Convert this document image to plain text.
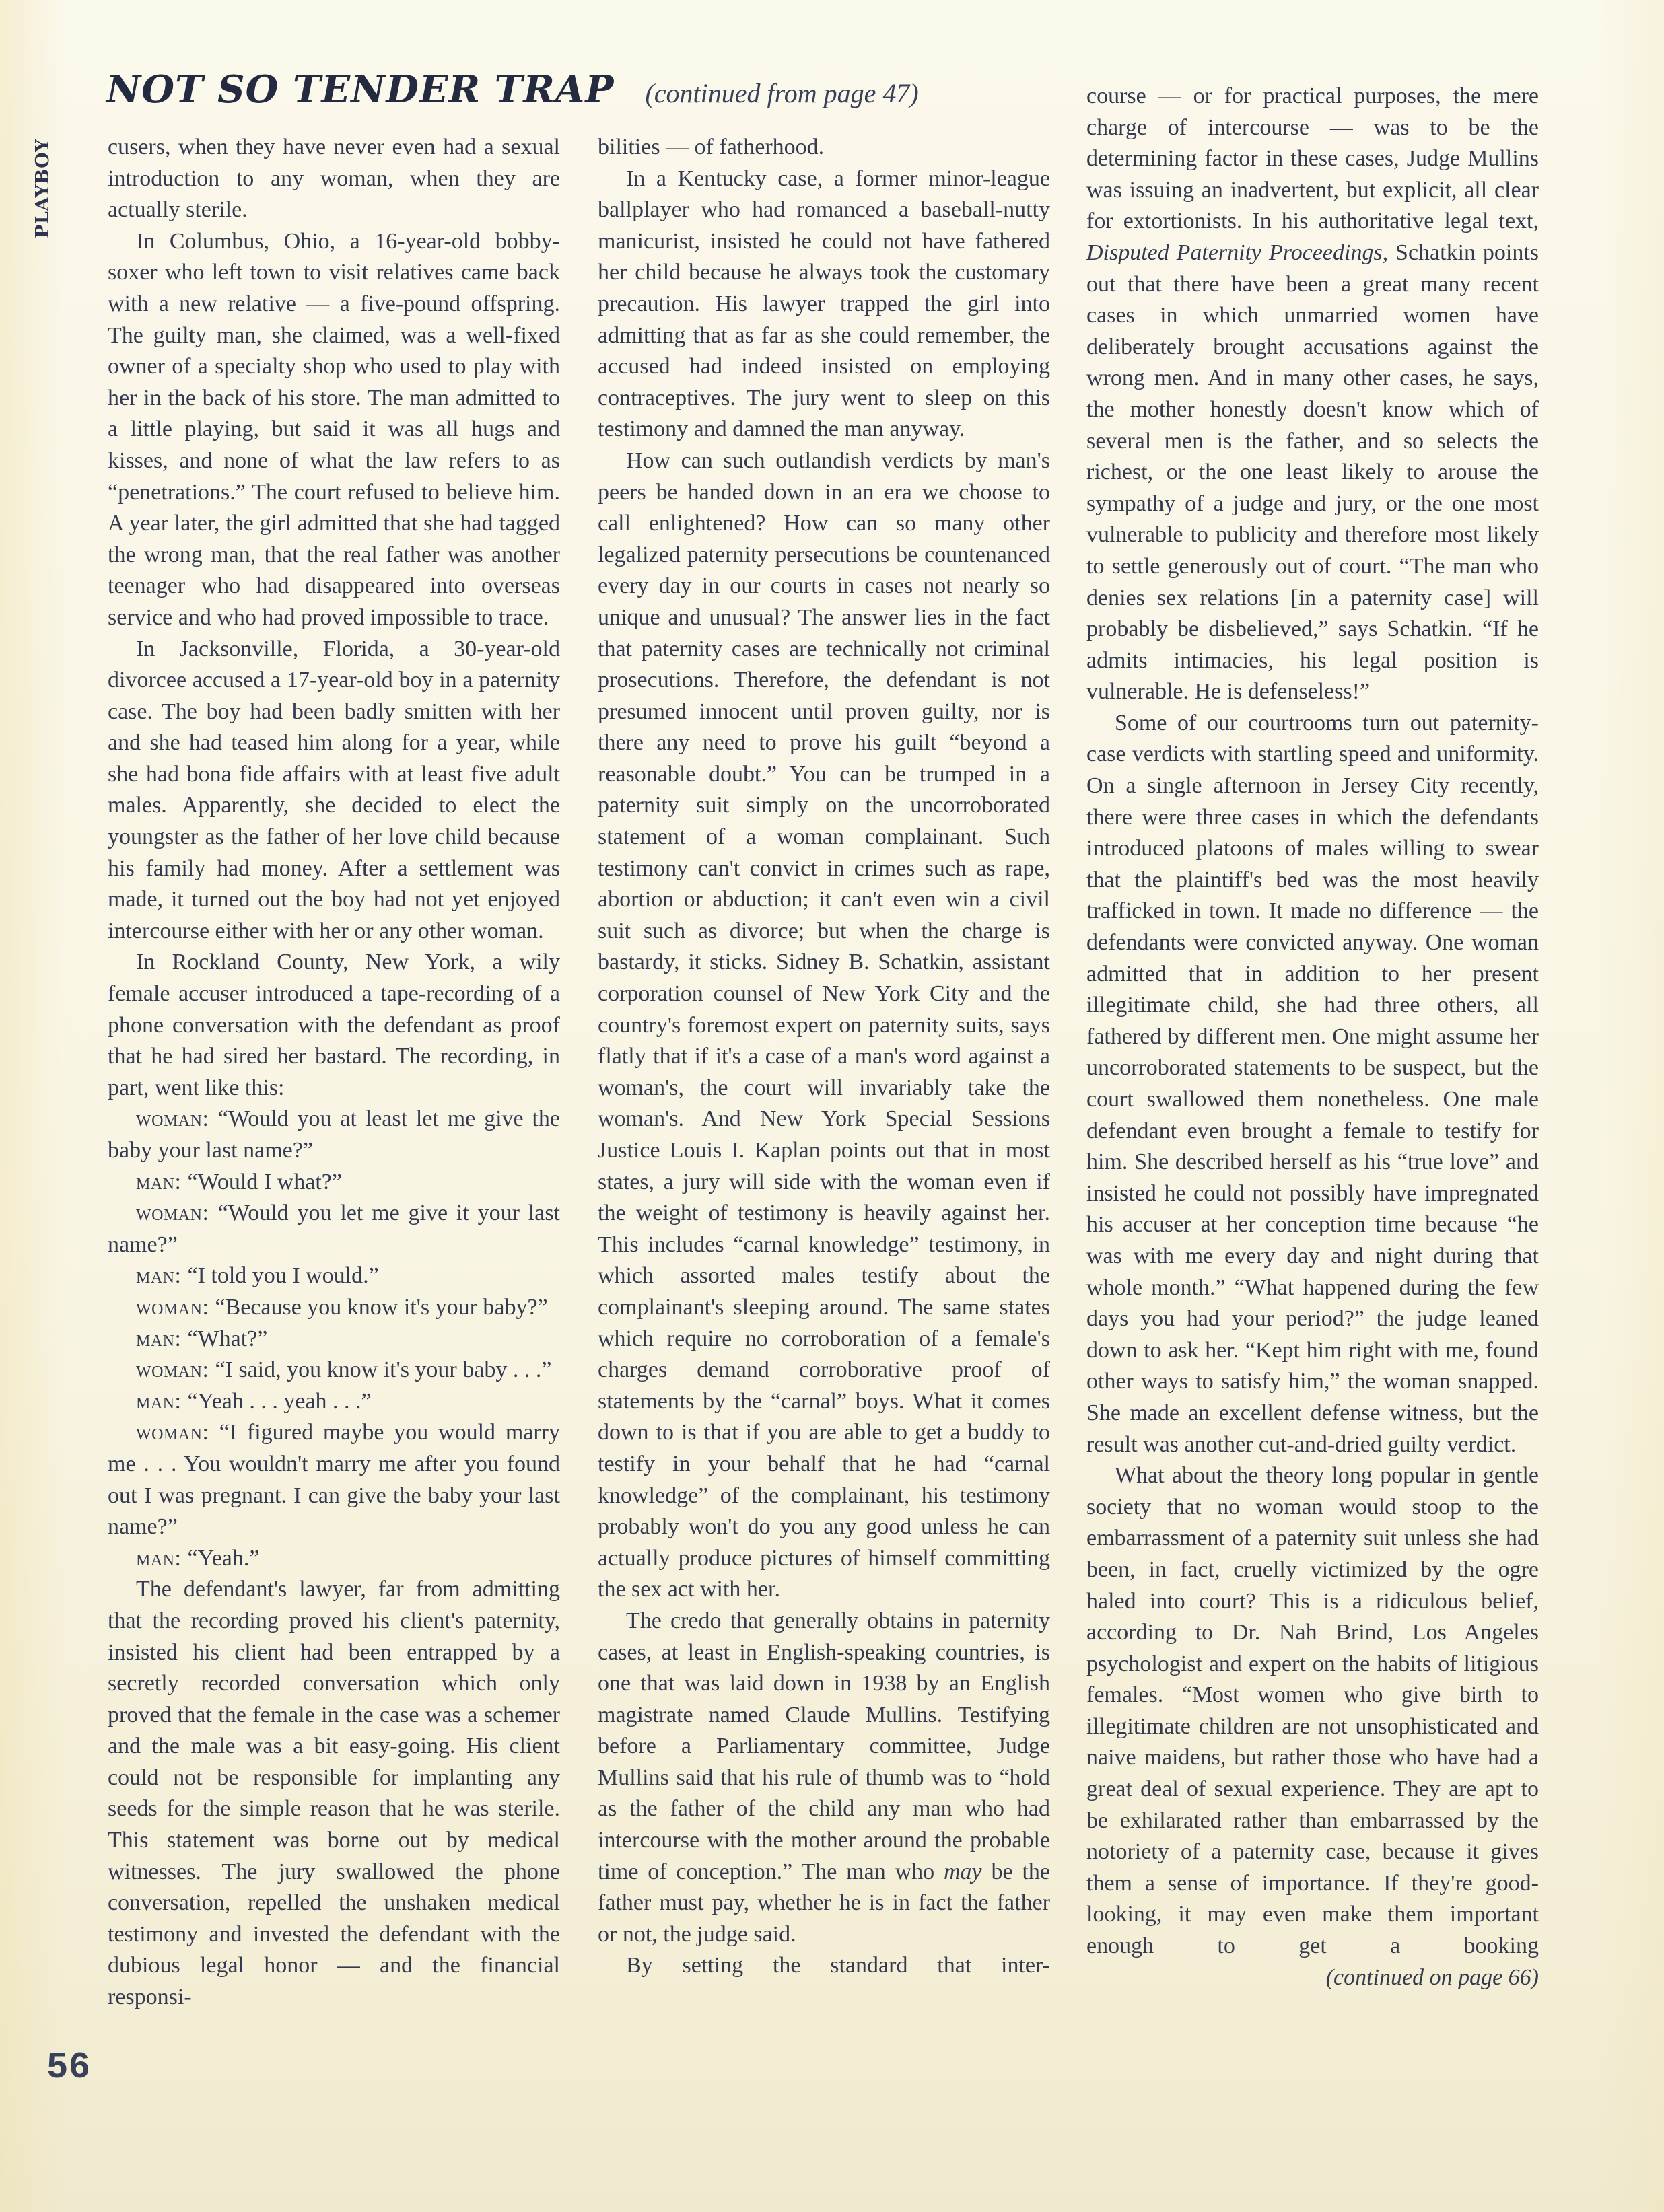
playboy
NOT SO TENDER TRAP (continued from page 47)

cusers, when they have never even had a sexual introduction to any woman, when they are actually sterile.

In Columbus, Ohio, a 16-year-old bobby-soxer who left town to visit relatives came back with a new relative — a five-pound offspring. The guilty man, she claimed, was a well-fixed owner of a specialty shop who used to play with her in the back of his store. The man admitted to a little playing, but said it was all hugs and kisses, and none of what the law refers to as “penetrations.” The court refused to believe him. A year later, the girl admitted that she had tagged the wrong man, that the real father was another teenager who had disappeared into overseas service and who had proved impossible to trace.

In Jacksonville, Florida, a 30-year-old divorcee accused a 17-year-old boy in a paternity case. The boy had been badly smitten with her and she had teased him along for a year, while she had bona fide affairs with at least five adult males. Apparently, she decided to elect the youngster as the father of her love child because his family had money. After a settlement was made, it turned out the boy had not yet enjoyed intercourse either with her or any other woman.

In Rockland County, New York, a wily female accuser introduced a tape-recording of a phone conversation with the defendant as proof that he had sired her bastard. The recording, in part, went like this:

woman: “Would you at least let me give the baby your last name?”

man: “Would I what?”

woman: “Would you let me give it your last name?”

man: “I told you I would.”

woman: “Because you know it's your baby?”

man: “What?”

woman: “I said, you know it's your baby . . .”

man: “Yeah . . . yeah . . .”

woman: “I figured maybe you would marry me . . . You wouldn't marry me after you found out I was pregnant. I can give the baby your last name?”

man: “Yeah.”

The defendant's lawyer, far from admitting that the recording proved his client's paternity, insisted his client had been entrapped by a secretly recorded conversation which only proved that the female in the case was a schemer and the male was a bit easy-going. His client could not be responsible for implanting any seeds for the simple reason that he was sterile. This statement was borne out by medical witnesses. The jury swallowed the phone conversation, repelled the unshaken medical testimony and invested the defendant with the dubious legal honor — and the financial responsi-

bilities — of fatherhood.

In a Kentucky case, a former minor-league ballplayer who had romanced a baseball-nutty manicurist, insisted he could not have fathered her child because he always took the customary precaution. His lawyer trapped the girl into admitting that as far as she could remember, the accused had indeed insisted on employing contraceptives. The jury went to sleep on this testimony and damned the man anyway.

How can such outlandish verdicts by man's peers be handed down in an era we choose to call enlightened? How can so many other legalized paternity persecutions be countenanced every day in our courts in cases not nearly so unique and unusual? The answer lies in the fact that paternity cases are technically not criminal prosecutions. Therefore, the defendant is not presumed innocent until proven guilty, nor is there any need to prove his guilt “beyond a reasonable doubt.” You can be trumped in a paternity suit simply on the uncorroborated statement of a woman complainant. Such testimony can't convict in crimes such as rape, abortion or abduction; it can't even win a civil suit such as divorce; but when the charge is bastardy, it sticks. Sidney B. Schatkin, assistant corporation counsel of New York City and the country's foremost expert on paternity suits, says flatly that if it's a case of a man's word against a woman's, the court will invariably take the woman's. And New York Special Sessions Justice Louis I. Kaplan points out that in most states, a jury will side with the woman even if the weight of testimony is heavily against her. This includes “carnal knowledge” testimony, in which assorted males testify about the complainant's sleeping around. The same states which require no corroboration of a female's charges demand corroborative proof of statements by the “carnal” boys. What it comes down to is that if you are able to get a buddy to testify in your behalf that he had “carnal knowledge” of the complainant, his testimony probably won't do you any good unless he can actually produce pictures of himself committing the sex act with her.

The credo that generally obtains in paternity cases, at least in English-speaking countries, is one that was laid down in 1938 by an English magistrate named Claude Mullins. Testifying before a Parliamentary committee, Judge Mullins said that his rule of thumb was to “hold as the father of the child any man who had intercourse with the mother around the probable time of conception.” The man who may be the father must pay, whether he is in fact the father or not, the judge said.

By setting the standard that inter-

course — or for practical purposes, the mere charge of intercourse — was to be the determining factor in these cases, Judge Mullins was issuing an inadvertent, but explicit, all clear for extortionists. In his authoritative legal text, Disputed Paternity Proceedings, Schatkin points out that there have been a great many recent cases in which unmarried women have deliberately brought accusations against the wrong men. And in many other cases, he says, the mother honestly doesn't know which of several men is the father, and so selects the richest, or the one least likely to arouse the sympathy of a judge and jury, or the one most vulnerable to publicity and therefore most likely to settle generously out of court. “The man who denies sex relations [in a paternity case] will probably be disbelieved,” says Schatkin. “If he admits intimacies, his legal position is vulnerable. He is defenseless!”

Some of our courtrooms turn out paternity-case verdicts with startling speed and uniformity. On a single afternoon in Jersey City recently, there were three cases in which the defendants introduced platoons of males willing to swear that the plaintiff's bed was the most heavily trafficked in town. It made no difference — the defendants were convicted anyway. One woman admitted that in addition to her present illegitimate child, she had three others, all fathered by different men. One might assume her uncorroborated statements to be suspect, but the court swallowed them nonetheless. One male defendant even brought a female to testify for him. She described herself as his “true love” and insisted he could not possibly have impregnated his accuser at her conception time because “he was with me every day and night during that whole month.” “What happened during the few days you had your period?” the judge leaned down to ask her. “Kept him right with me, found other ways to satisfy him,” the woman snapped. She made an excellent defense witness, but the result was another cut-and-dried guilty verdict.

What about the theory long popular in gentle society that no woman would stoop to the embarrassment of a paternity suit unless she had been, in fact, cruelly victimized by the ogre haled into court? This is a ridiculous belief, according to Dr. Nah Brind, Los Angeles psychologist and expert on the habits of litigious females. “Most women who give birth to illegitimate children are not unsophisticated and naive maidens, but rather those who have had a great deal of sexual experience. They are apt to be exhilarated rather than embarrassed by the notoriety of a paternity case, because it gives them a sense of importance. If they're good-looking, it may even make them important enough to get a booking

(continued on page 66)

56
